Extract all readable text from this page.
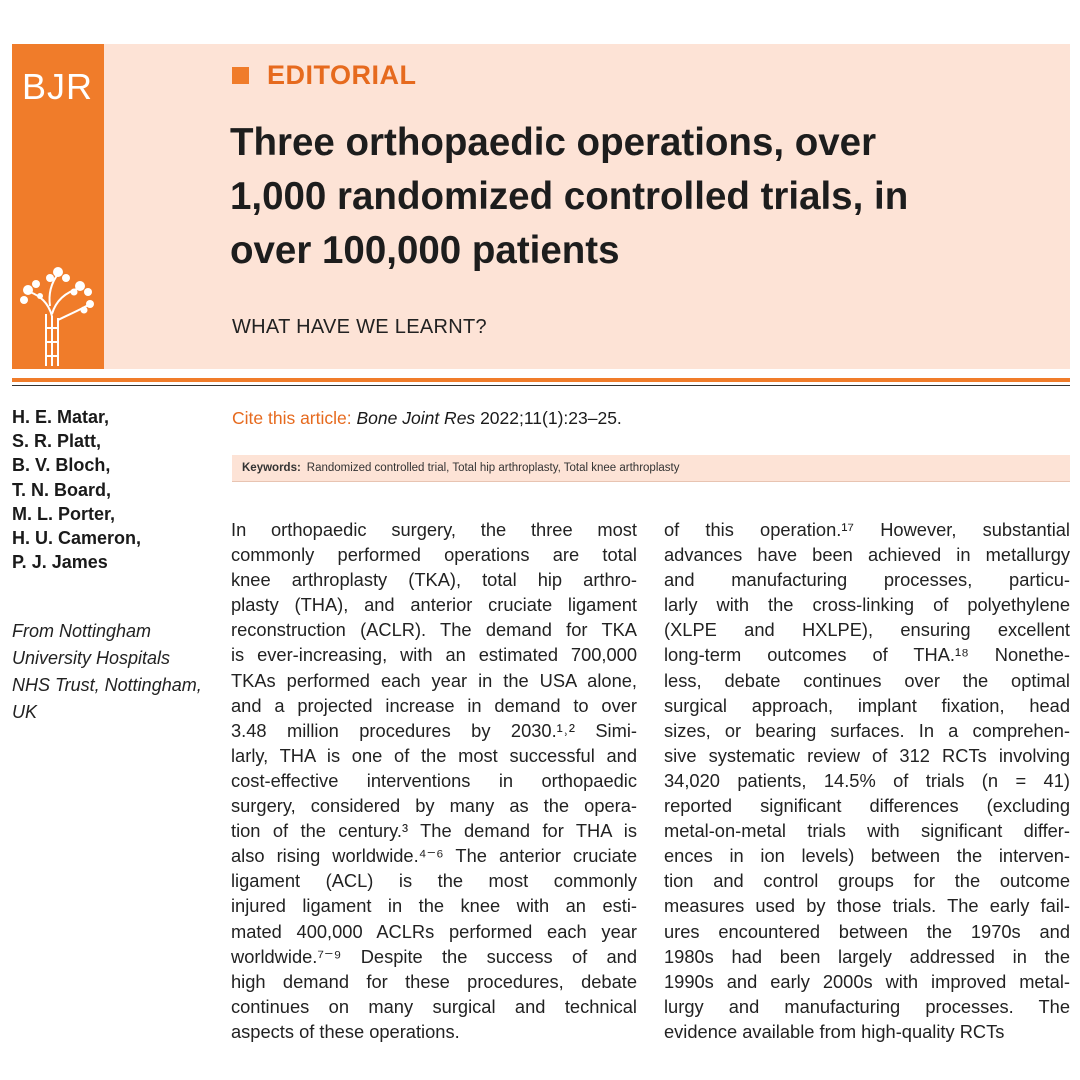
BJR	EDITORIAL
Three orthopaedic operations, over
1,000 randomized controlled trials, in
over 100,000 patients
WHAT HAVE WE LEARNT?
H. E. Matar,
S. R. Platt,
B. V. Bloch,
T. N. Board,
M. L. Porter,
H. U. Cameron,
P. J. James
From Nottingham
University Hospitals
NHS Trust, Nottingham,
UK
Cite this article: Bone Joint Res 2022;11(1):23–25.
Keywords: Randomized controlled trial, Total hip arthroplasty, Total knee arthroplasty
In orthopaedic surgery, the three most
commonly performed operations are total
knee arthroplasty (TKA), total hip arthro-
plasty (THA), and anterior cruciate ligament
reconstruction (ACLR). The demand for TKA
is ever-increasing, with an estimated 700,000
TKAs performed each year in the USA alone,
and a projected increase in demand to over
3.48 million procedures by 2030.¹˒² Simi-
larly, THA is one of the most successful and
cost-effective interventions in orthopaedic
surgery, considered by many as the opera-
tion of the century.³ The demand for THA is
also rising worldwide.⁴⁻⁶ The anterior cruciate
ligament (ACL) is the most commonly
injured ligament in the knee with an esti-
mated 400,000 ACLRs performed each year
worldwide.⁷⁻⁹ Despite the success of and
high demand for these procedures, debate
continues on many surgical and technical
aspects of these operations.
of this operation.¹⁷ However, substantial
advances have been achieved in metallurgy
and manufacturing processes, particu-
larly with the cross-linking of polyethylene
(XLPE and HXLPE), ensuring excellent
long-term outcomes of THA.¹⁸ Nonethe-
less, debate continues over the optimal
surgical approach, implant fixation, head
sizes, or bearing surfaces. In a comprehen-
sive systematic review of 312 RCTs involving
34,020 patients, 14.5% of trials (n = 41)
reported significant differences (excluding
metal-on-metal trials with significant differ-
ences in ion levels) between the interven-
tion and control groups for the outcome
measures used by those trials. The early fail-
ures encountered between the 1970s and
1980s had been largely addressed in the
1990s and early 2000s with improved metal-
lurgy and manufacturing processes. The
evidence available from high-quality RCTs
